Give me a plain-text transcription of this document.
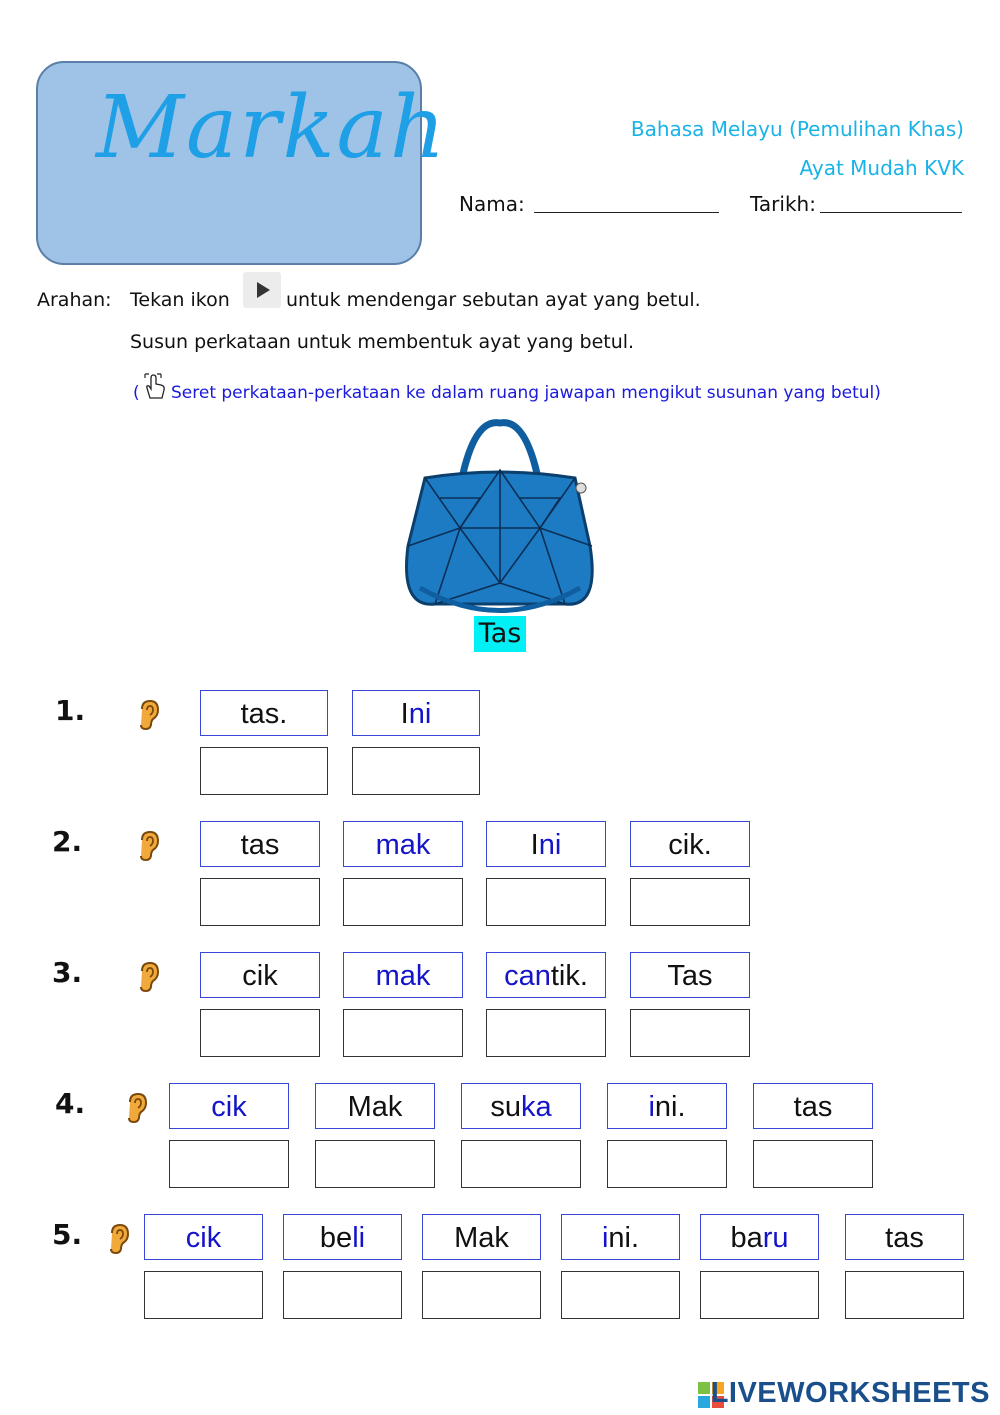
Markah	Bahasa Melayu (Pemulihan Khas)
Ayat Mudah KVK
Nama:	Tarikh:
Arahan: Tekan ikon	untuk mendengar sebutan ayat yang betul.
Susun perkataan untuk membentuk ayat yang betul.
( Seret perkataan-perkataan ke dalam ruang jawapan mengikut susunan yang betul)
Tas
1.	tas.	Ini
2.	tas	mak	Ini	cik.
3.	cik	mak	cantik.	Tas
4.	cik	Mak	suka	ini.	tas
5.	cik	beli	Mak	ini.	baru	tas
LIVEWORKSHEETS
